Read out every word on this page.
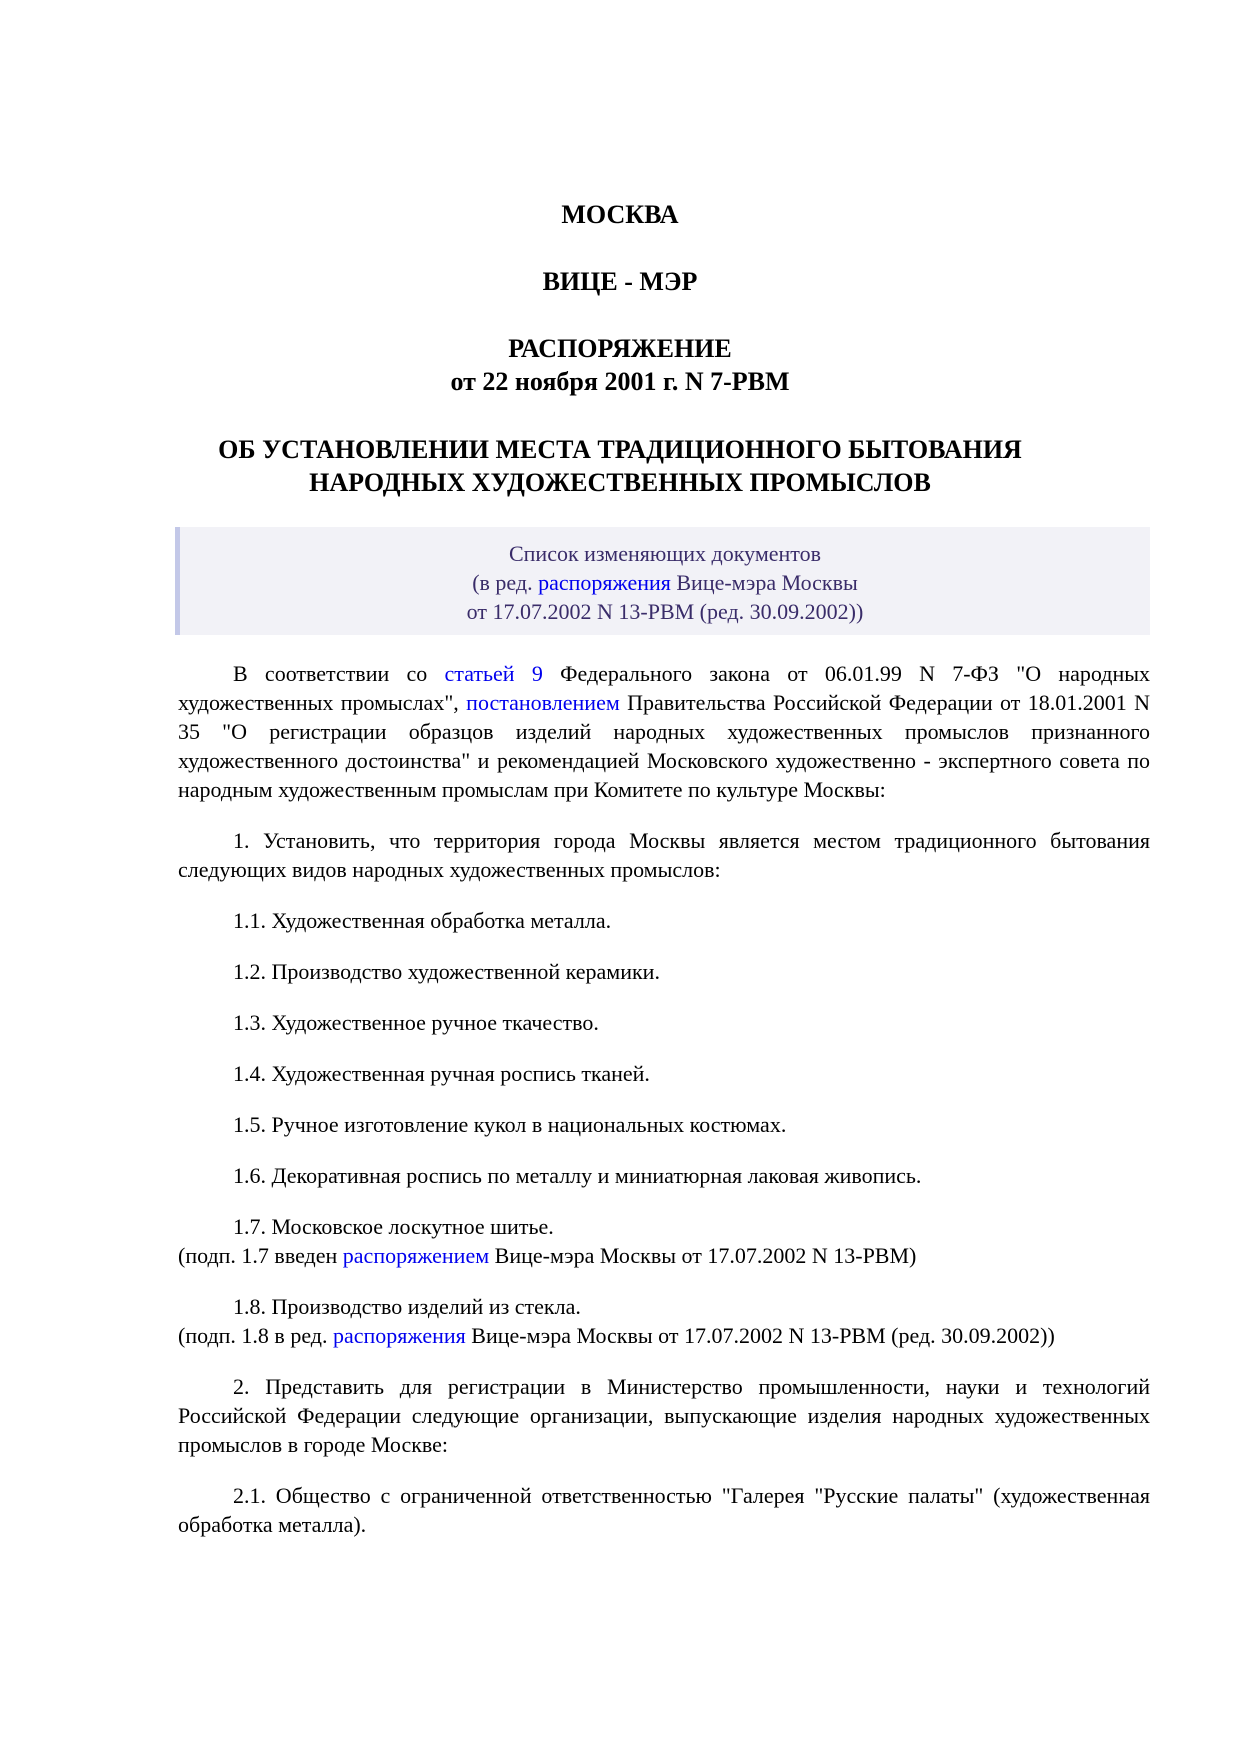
МОСКВА
ВИЦЕ - МЭР
РАСПОРЯЖЕНИЕ
от 22 ноября 2001 г. N 7-РВМ
ОБ УСТАНОВЛЕНИИ МЕСТА ТРАДИЦИОННОГО БЫТОВАНИЯ
НАРОДНЫХ ХУДОЖЕСТВЕННЫХ ПРОМЫСЛОВ
Список изменяющих документов
(в ред. распоряжения Вице-мэра Москвы
от 17.07.2002 N 13-РВМ (ред. 30.09.2002))

В соответствии со статьей 9 Федерального закона от 06.01.99 N 7-ФЗ "О народных художественных промыслах", постановлением Правительства Российской Федерации от 18.01.2001 N 35 "О регистрации образцов изделий народных художественных промыслов признанного художественного достоинства" и рекомендацией Московского художественно - экспертного совета по народным художественным промыслам при Комитете по культуре Москвы:

1. Установить, что территория города Москвы является местом традиционного бытования следующих видов народных художественных промыслов:

1.1. Художественная обработка металла.

1.2. Производство художественной керамики.

1.3. Художественное ручное ткачество.

1.4. Художественная ручная роспись тканей.

1.5. Ручное изготовление кукол в национальных костюмах.

1.6. Декоративная роспись по металлу и миниатюрная лаковая живопись.

1.7. Московское лоскутное шитье.

(подп. 1.7 введен распоряжением Вице-мэра Москвы от 17.07.2002 N 13-РВМ)

1.8. Производство изделий из стекла.

(подп. 1.8 в ред. распоряжения Вице-мэра Москвы от 17.07.2002 N 13-РВМ (ред. 30.09.2002))

2. Представить для регистрации в Министерство промышленности, науки и технологий Российской Федерации следующие организации, выпускающие изделия народных художественных промыслов в городе Москве:

2.1. Общество с ограниченной ответственностью "Галерея "Русские палаты" (художественная обработка металла).
